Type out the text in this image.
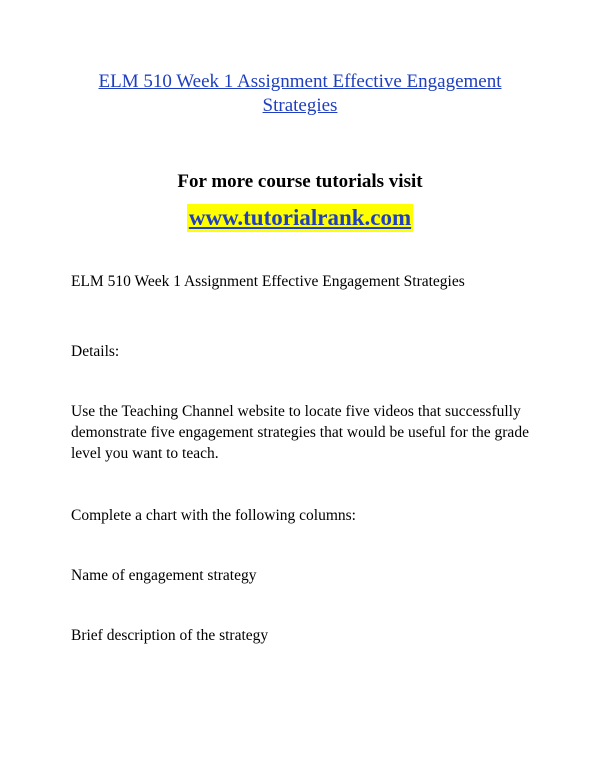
ELM 510 Week 1 Assignment Effective Engagement Strategies
For more course tutorials visit
www.tutorialrank.com

ELM 510 Week 1 Assignment Effective Engagement Strategies

Details:

Use the Teaching Channel website to locate five videos that successfully demonstrate five engagement strategies that would be useful for the grade level you want to teach.

Complete a chart with the following columns:

Name of engagement strategy

Brief description of the strategy
